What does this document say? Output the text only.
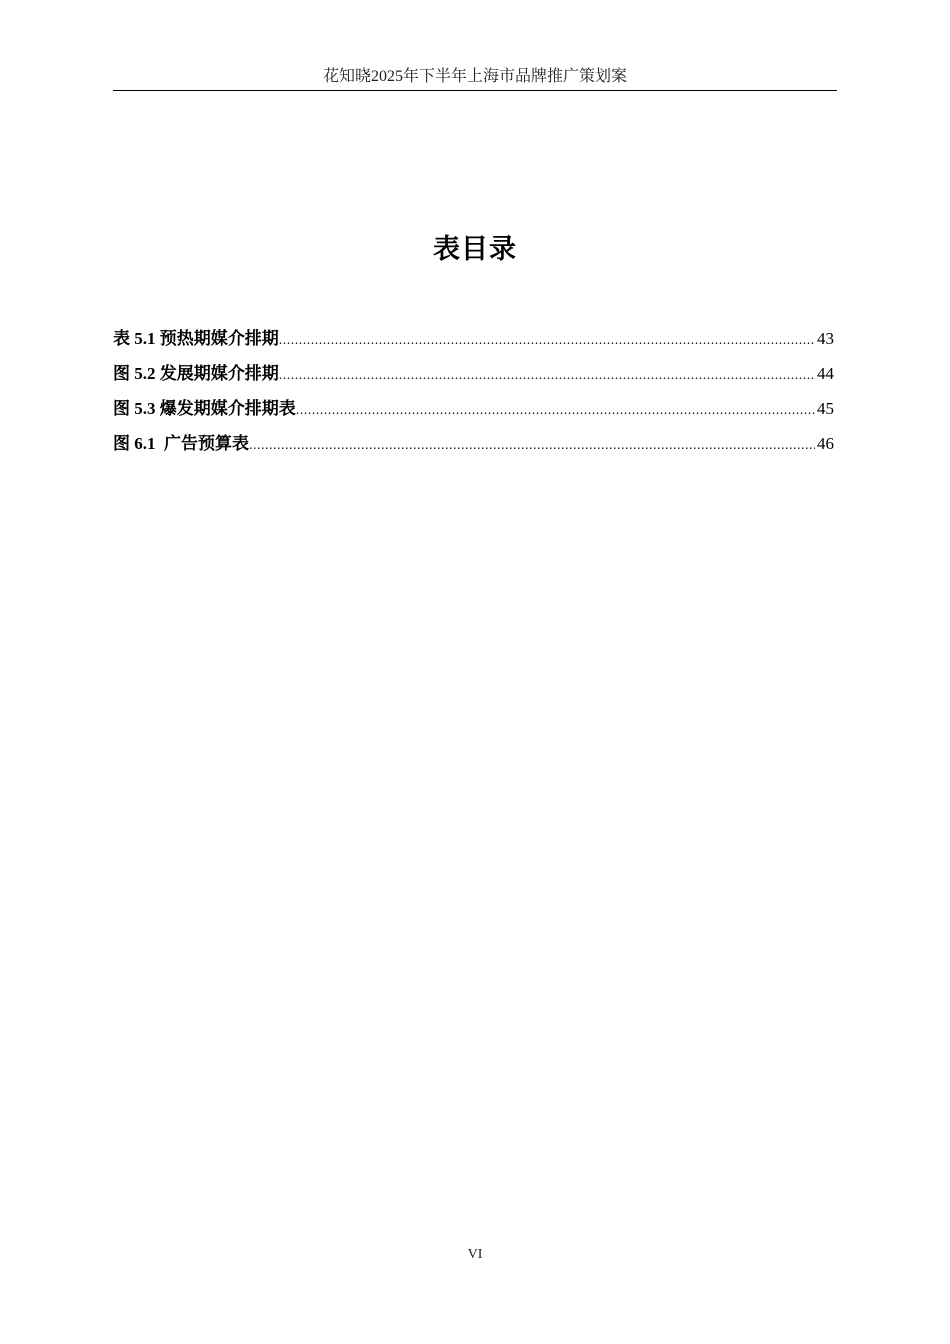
花知晓2025年下半年上海市品牌推广策划案
表目录
表 5.1 预热期媒介排期 .....	43
图 5.2 发展期媒介排期 .....	44
图 5.3 爆发期媒介排期表 .....	45
图 6.1  广告预算表 .....	46
VI
